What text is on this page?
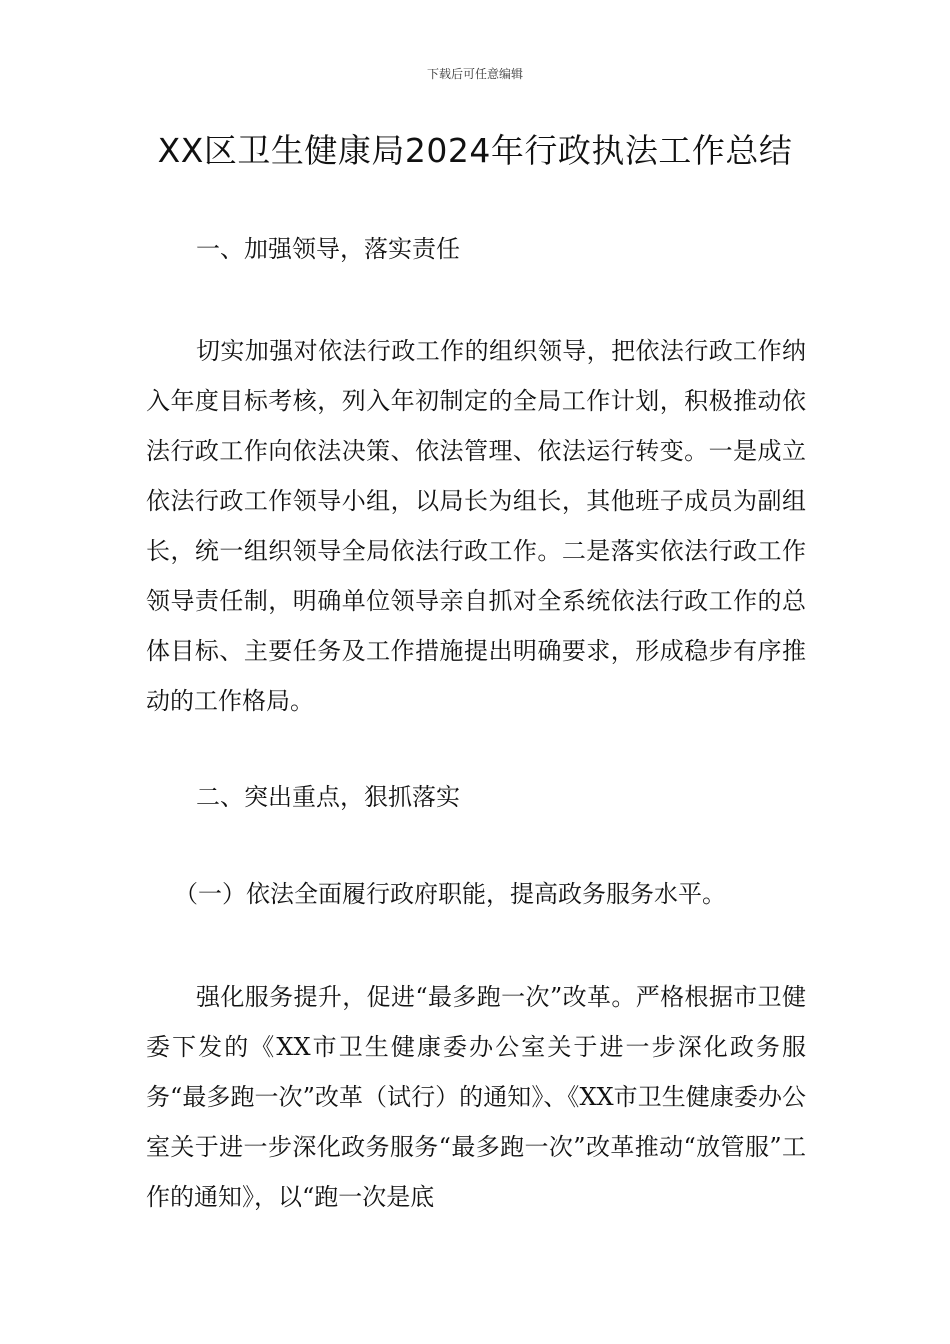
下载后可任意编辑
XX区卫生健康局2024年行政执法工作总结
一、加强领导，落实责任

切实加强对依法行政工作的组织领导，把依法行政工作纳入年度目标考核，列入年初制定的全局工作计划，积极推动依法行政工作向依法决策、依法管理、依法运行转变。一是成立依法行政工作领导小组，以局长为组长，其他班子成员为副组长，统一组织领导全局依法行政工作。二是落实依法行政工作领导责任制，明确单位领导亲自抓对全系统依法行政工作的总体目标、主要任务及工作措施提出明确要求，形成稳步有序推动的工作格局。

二、突出重点，狠抓落实
（一）依法全面履行政府职能，提高政务服务水平。

强化服务提升，促进“最多跑一次”改革。严格根据市卫健委下发的《XX市卫生健康委办公室关于进一步深化政务服务“最多跑一次”改革（试行）的通知》、《XX市卫生健康委办公室关于进一步深化政务服务“最多跑一次”改革推动“放管服”工作的通知》，以“跑一次是底
